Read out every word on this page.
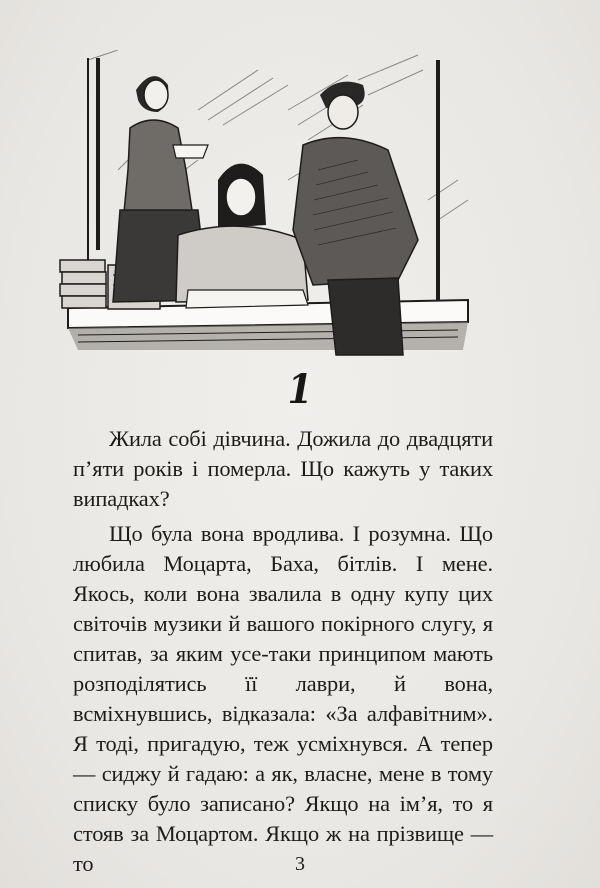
1

Жила собі дівчина. Дожила до двадцяти п’яти років і померла. Що кажуть у таких випадках?

Що була вона вродлива. І розумна. Що любила Моцарта, Баха, бітлів. І мене. Якось, коли вона звалила в одну купу цих світочів музики й вашого покірного слугу, я спитав, за яким усе-таки принципом мають розподілятись її лаври, й вона, всміхнувшись, відказала: «За алфавітним». Я тоді, пригадую, теж усміхнувся. А тепер — сиджу й гадаю: а як, власне, мене в тому списку було записано? Якщо на ім’я, то я стояв за Моцартом. Якщо ж на прізвище — то	3
